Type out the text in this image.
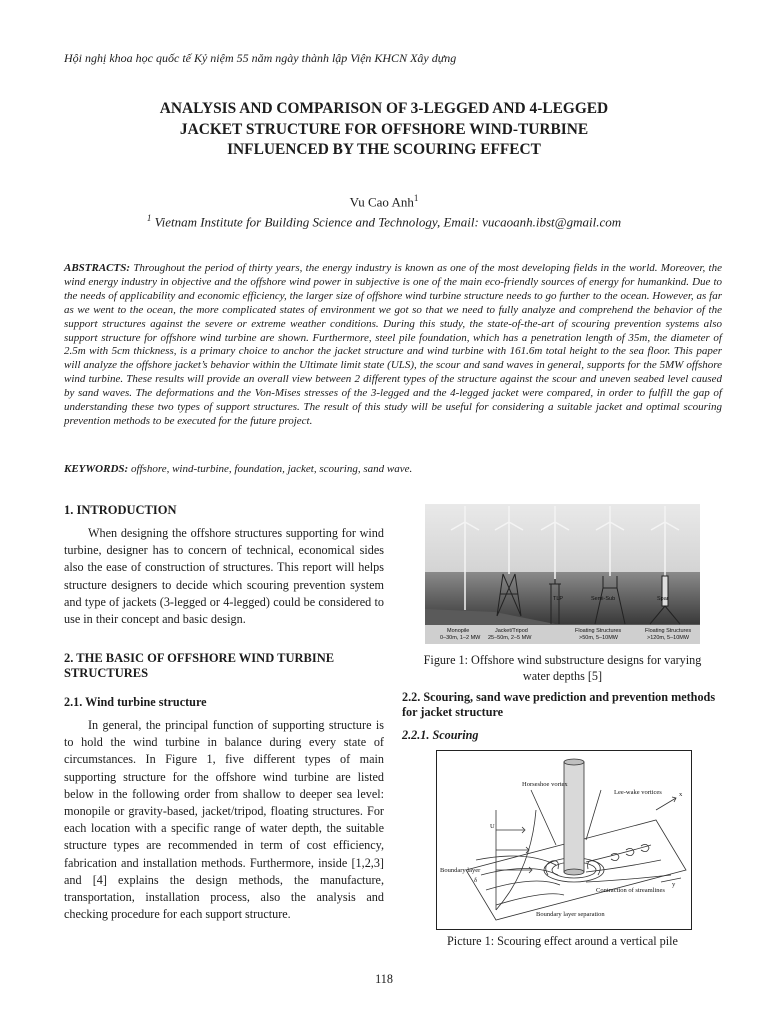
Hội nghị khoa học quốc tế Kỷ niệm 55 năm ngày thành lập Viện KHCN Xây dựng
ANALYSIS AND COMPARISON OF 3-LEGGED AND 4-LEGGED
JACKET STRUCTURE FOR OFFSHORE WIND-TURBINE
INFLUENCED BY THE SCOURING EFFECT
Vu Cao Anh$^1$
$^1$ Vietnam Institute for Building Science and Technology, Email: vucaoanh.ibst@gmail.com
ABSTRACTS: Throughout the period of thirty years, the energy industry is known as one of the most developing fields in the world. Moreover, the wind energy industry in objective and the offshore wind power in subjective is one of the main eco-friendly sources of energy for humankind. Due to the needs of applicability and economic efficiency, the larger size of offshore wind turbine structure needs to go further to the ocean. However, as far as we went to the ocean, the more complicated states of environment we got so that we need to fully analyze and comprehend the behavior of the support structures against the severe or extreme weather conditions. During this study, the state-of-the-art of scouring prevention systems also support structure for offshore wind turbine are shown. Furthermore, steel pile foundation, which has a penetration length of 35m, the diameter of 2.5m with 5cm thickness, is a primary choice to anchor the jacket structure and wind turbine with 161.6m total height to the sea floor. This paper will analyze the offshore jacket’s behavior within the Ultimate limit state (ULS), the scour and sand waves in general, supports for the 5MW offshore wind turbine. These results will provide an overall view between 2 different types of the structure against the scour and uneven seabed level caused by sand waves. The deformations and the Von-Mises stresses of the 3-legged and the 4-legged jacket were compared, in order to fulfill the gap of understanding these two types of support structures. The result of this study will be useful for considering a suitable jacket and optimal scouring prevention methods to be executed for the future project.
KEYWORDS: offshore, wind-turbine, foundation, jacket, scouring, sand wave.
1. INTRODUCTION
When designing the offshore structures supporting for wind turbine, designer has to concern of technical, economical sides also the ease of construction of structures. This report will helps structure designers to decide which scouring prevention system and type of jackets (3-legged or 4-legged) could be considered to use in their concept and basic design.
2. THE BASIC OF OFFSHORE WIND TURBINE STRUCTURES
2.1. Wind turbine structure
In general, the principal function of supporting structure is to hold the wind turbine in balance during every state of circumstances. In Figure 1, five different types of main supporting structure for the offshore wind turbine are listed below in the following order from shallow to deeper sea level: monopile or gravity-based, jacket/tripod, floating structures. For each location with a specific range of water depth, the suitable structure types are recommended in term of cost efficiency, fabrication and installation methods. Furthermore, inside [1,2,3] and [4] explains the design methods, the manufacture, transportation, installation process, also the analysis and checking procedure for each support structure.
TLP	Semi-Sub	Spar
Monopile
0–30m, 1–2 MW
Jacket/Tripod
25–50m, 2–5 MW
Floating Structures
>50m, 5–10MW
Floating Structures
>120m, 5–10MW
Figure 1: Offshore wind substructure designs for varying water depths [5]
2.2. Scouring, sand wave prediction and prevention methods for jacket structure
2.2.1. Scouring
Horseshoe vortex
Lee-wake vortices	x
y
U
Boundary layer
δ
Contraction of streamlines
Boundary layer separation
Picture 1: Scouring effect around a vertical pile
118
